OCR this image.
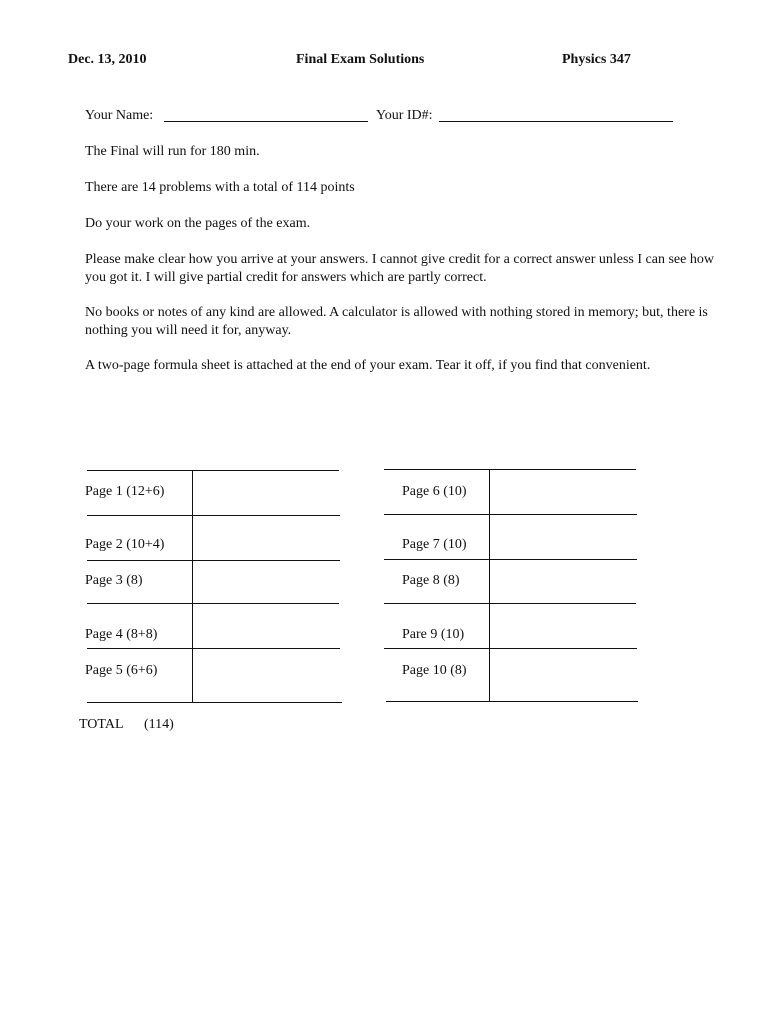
Dec. 13, 2010	Final Exam Solutions	Physics 347
Your Name:	Your ID#:
The Final will run for 180 min.
There are 14 problems with a total of 114 points
Do your work on the pages of the exam.
Please make clear how you arrive at your answers. I cannot give credit for a correct answer unless I can see how you got it. I will give partial credit for answers which are partly correct.
No books or notes of any kind are allowed. A calculator is allowed with nothing stored in memory; but, there is nothing you will need it for, anyway.
A two-page formula sheet is attached at the end of your exam. Tear it off, if you find that convenient.
Page 1 (12+6)
Page 2 (10+4)
Page 3 (8)
Page 4 (8+8)
Page 5 (6+6)
Page 6 (10)
Page 7 (10)
Page 8 (8)
Pare 9 (10)
Page 10 (8)
TOTAL (114)
